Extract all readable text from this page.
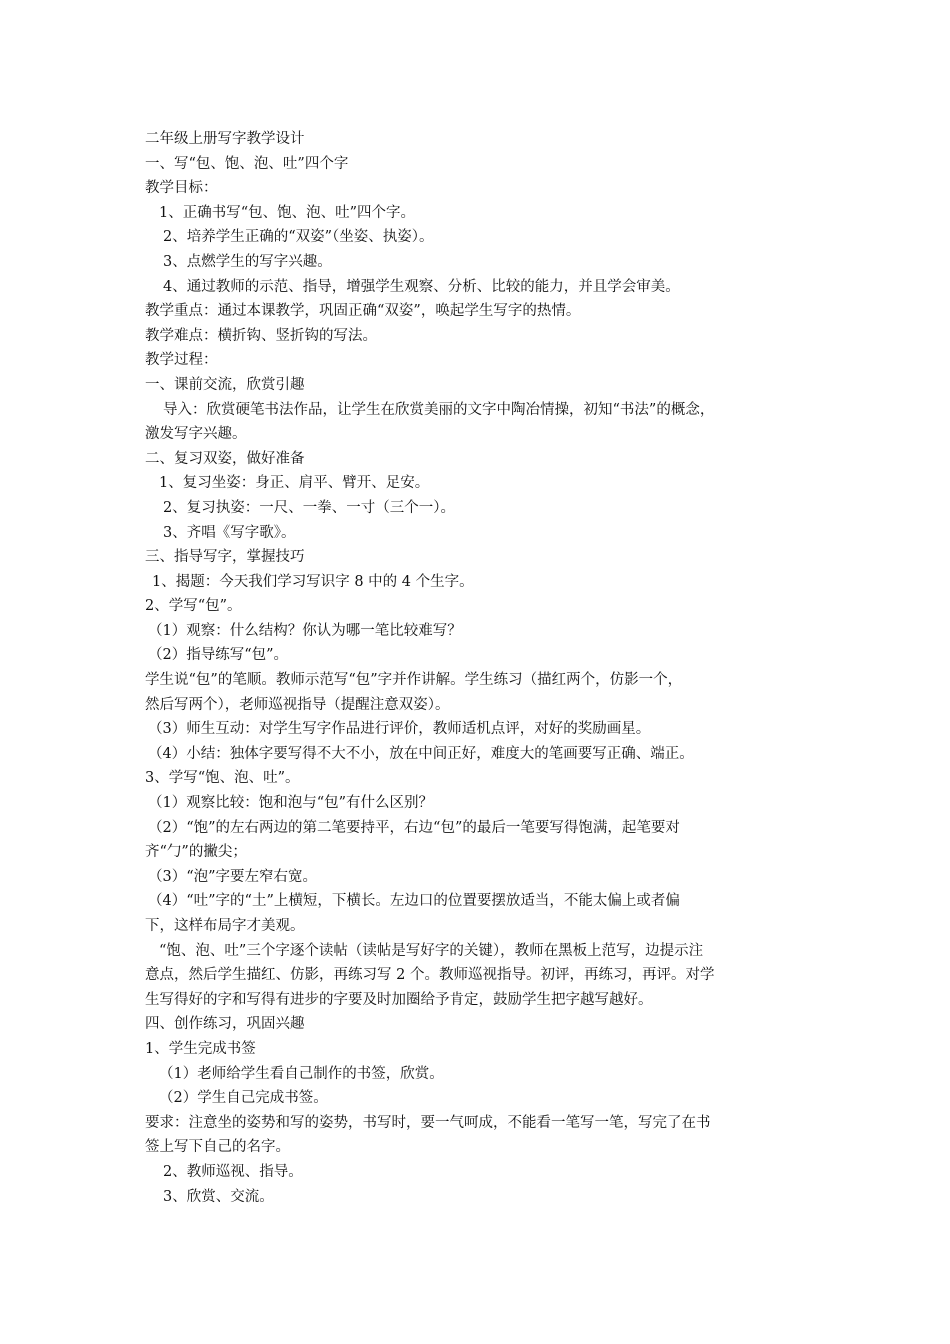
二年级上册写字教学设计
一、写“包、饱、泡、吐”四个字
教学目标：
1、正确书写“包、饱、泡、吐”四个字。
2、培养学生正确的“双姿”（坐姿、执姿）。
3、点燃学生的写字兴趣。
4、通过教师的示范、指导，增强学生观察、分析、比较的能力，并且学会审美。
教学重点：通过本课教学，巩固正确“双姿”，唤起学生写字的热情。
教学难点：横折钩、竖折钩的写法。
教学过程：
一、课前交流，欣赏引趣
导入：欣赏硬笔书法作品，让学生在欣赏美丽的文字中陶冶情操，初知“书法”的概念，
激发写字兴趣。
二、复习双姿，做好准备
1、复习坐姿：身正、肩平、臂开、足安。
2、复习执姿：一尺、一拳、一寸（三个一）。
3、齐唱《写字歌》。
三、指导写字，掌握技巧
1、揭题：今天我们学习写识字 8 中的 4 个生字。
2、学写“包”。
（1）观察：什么结构？你认为哪一笔比较难写？
（2）指导练写“包”。
学生说“包”的笔顺。教师示范写“包”字并作讲解。学生练习（描红两个，仿影一个，
然后写两个），老师巡视指导（提醒注意双姿）。
（3）师生互动：对学生写字作品进行评价，教师适机点评，对好的奖励画星。
（4）小结：独体字要写得不大不小，放在中间正好，难度大的笔画要写正确、端正。
3、学写“饱、泡、吐”。
（1）观察比较：饱和泡与“包”有什么区别？
（2）“饱”的左右两边的第二笔要持平，右边“包”的最后一笔要写得饱满，起笔要对
齐“勹”的撇尖；
（3）“泡”字要左窄右宽。
（4）“吐”字的“土”上横短，下横长。左边口的位置要摆放适当，不能太偏上或者偏
下，这样布局字才美观。
“饱、泡、吐”三个字逐个读帖（读帖是写好字的关键），教师在黑板上范写，边提示注
意点，然后学生描红、仿影，再练习写 2 个。教师巡视指导。初评，再练习，再评。对学
生写得好的字和写得有进步的字要及时加圈给予肯定，鼓励学生把字越写越好。
四、创作练习，巩固兴趣
1、学生完成书签
（1）老师给学生看自己制作的书签，欣赏。
（2）学生自己完成书签。
要求：注意坐的姿势和写的姿势，书写时，要一气呵成，不能看一笔写一笔，写完了在书
签上写下自己的名字。
2、教师巡视、指导。
3、欣赏、交流。
